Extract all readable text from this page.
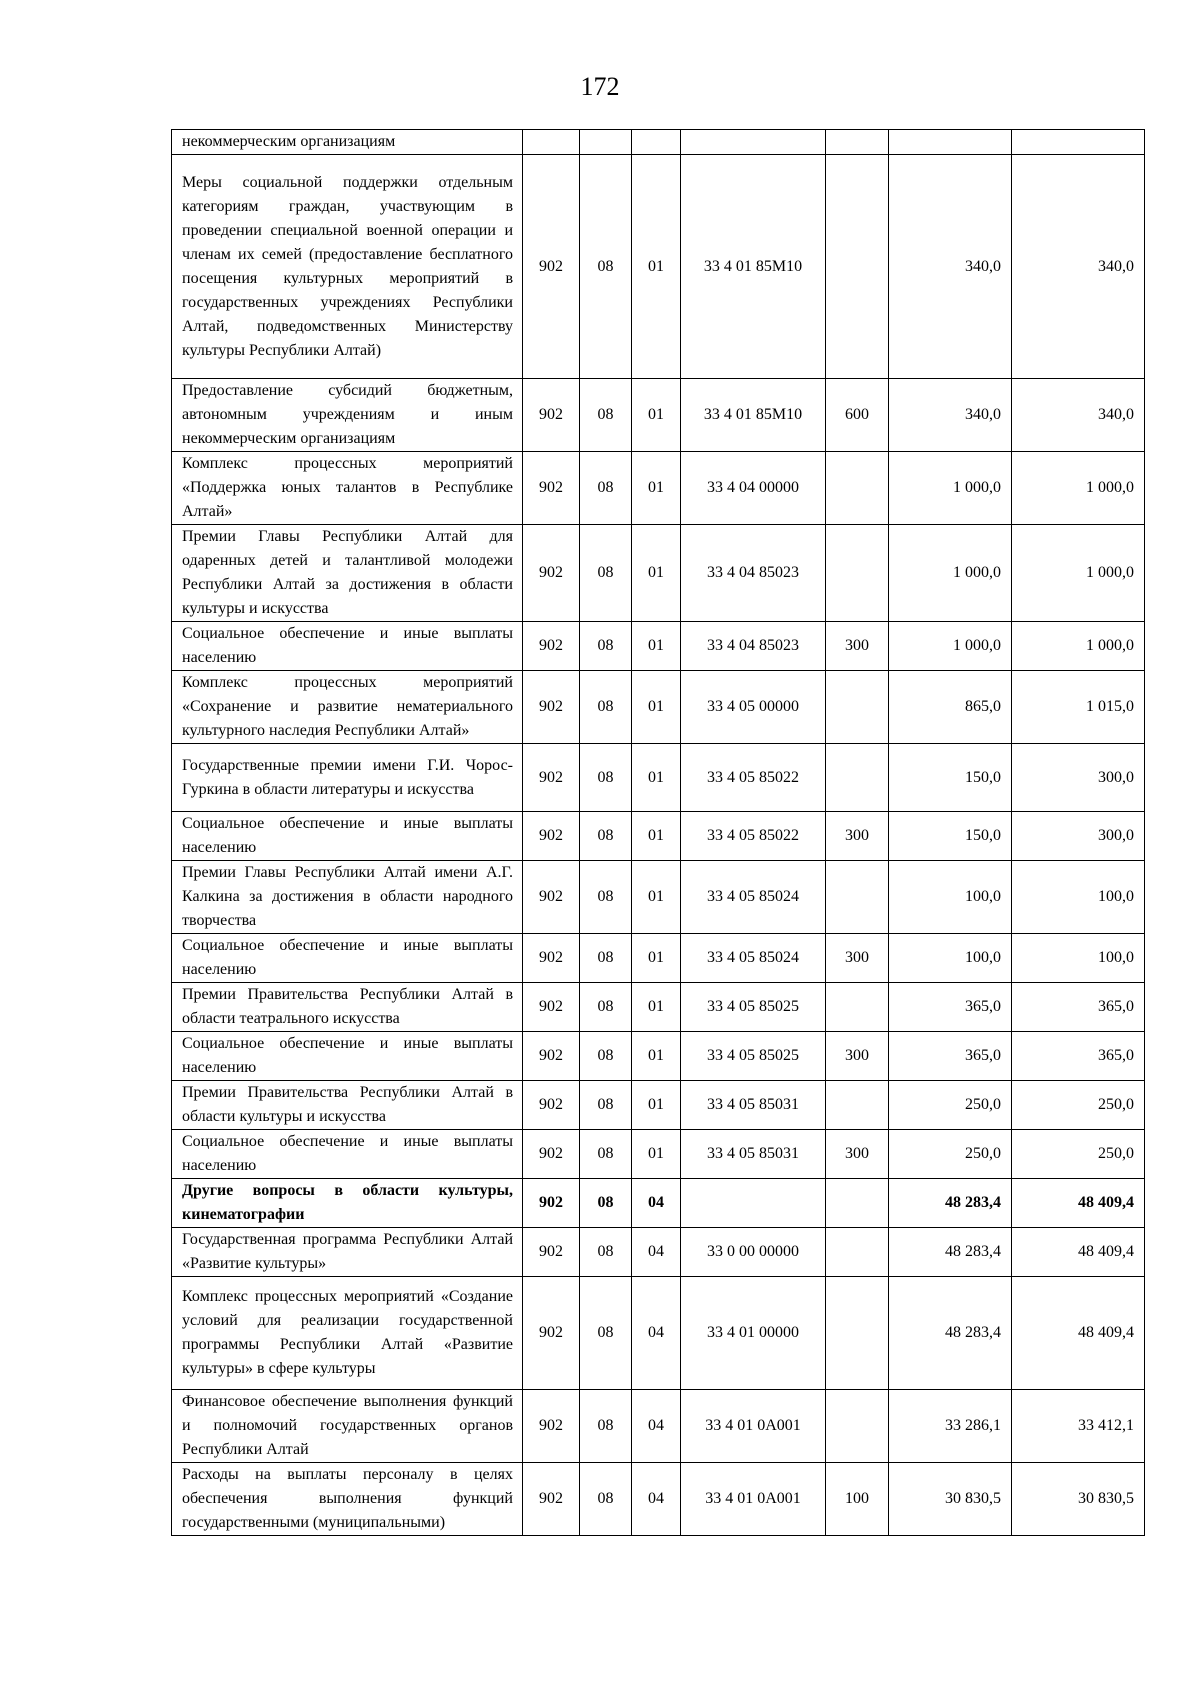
172
некоммерческим организациям							
Меры социальной поддержки отдельным категориям граждан, участвующим в проведении специальной военной операции и членам их семей (предоставление бесплатного посещения культурных мероприятий в государственных учреждениях Республики Алтай, подведомственных Министерству культуры Республики Алтай)	902	08	01	33 4 01 85М10		340,0	340,0
Предоставление субсидий бюджетным, автономным учреждениям и иным некоммерческим организациям	902	08	01	33 4 01 85М10	600	340,0	340,0
Комплекс процессных мероприятий «Поддержка юных талантов в Республике Алтай»	902	08	01	33 4 04 00000		1 000,0	1 000,0
Премии Главы Республики Алтай для одаренных детей и талантливой молодежи Республики Алтай за достижения в области культуры и искусства	902	08	01	33 4 04 85023		1 000,0	1 000,0
Социальное обеспечение и иные выплаты населению	902	08	01	33 4 04 85023	300	1 000,0	1 000,0
Комплекс процессных мероприятий «Сохранение и развитие нематериального культурного наследия Республики Алтай»	902	08	01	33 4 05 00000		865,0	1 015,0
Государственные премии имени Г.И. Чорос-Гуркина в области литературы и искусства	902	08	01	33 4 05 85022		150,0	300,0
Социальное обеспечение и иные выплаты населению	902	08	01	33 4 05 85022	300	150,0	300,0
Премии Главы Республики Алтай имени А.Г. Калкина за достижения в области народного творчества	902	08	01	33 4 05 85024		100,0	100,0
Социальное обеспечение и иные выплаты населению	902	08	01	33 4 05 85024	300	100,0	100,0
Премии Правительства Республики Алтай в области театрального искусства	902	08	01	33 4 05 85025		365,0	365,0
Социальное обеспечение и иные выплаты населению	902	08	01	33 4 05 85025	300	365,0	365,0
Премии Правительства Республики Алтай в области культуры и искусства	902	08	01	33 4 05 85031		250,0	250,0
Социальное обеспечение и иные выплаты населению	902	08	01	33 4 05 85031	300	250,0	250,0
Другие вопросы в области культуры, кинематографии	902	08	04			48 283,4	48 409,4
Государственная программа Республики Алтай «Развитие культуры»	902	08	04	33 0 00 00000		48 283,4	48 409,4
Комплекс процессных мероприятий «Создание условий для реализации государственной программы Республики Алтай «Развитие культуры» в сфере культуры	902	08	04	33 4 01 00000		48 283,4	48 409,4
Финансовое обеспечение выполнения функций и полномочий государственных органов Республики Алтай	902	08	04	33 4 01 0А001		33 286,1	33 412,1
Расходы на выплаты персоналу в целях обеспечения выполнения функций государственными (муниципальными)	902	08	04	33 4 01 0А001	100	30 830,5	30 830,5
